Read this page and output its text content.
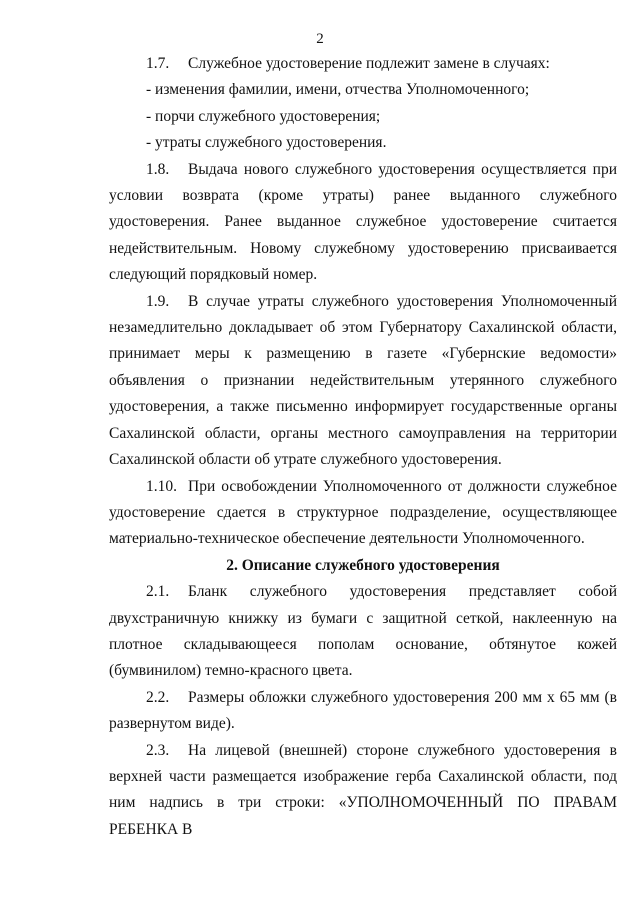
2

1.7. Служебное удостоверение подлежит замене в случаях:

- изменения фамилии, имени, отчества Уполномоченного;

- порчи служебного удостоверения;

- утраты служебного удостоверения.

1.8. Выдача нового служебного удостоверения осуществляется при условии возврата (кроме утраты) ранее выданного служебного удостоверения. Ранее выданное служебное удостоверение считается недействительным. Новому служебному удостоверению присваивается следующий порядковый номер.

1.9. В случае утраты служебного удостоверения Уполномоченный незамедлительно докладывает об этом Губернатору Сахалинской области, принимает меры к размещению в газете «Губернские ведомости» объявления о признании недействительным утерянного служебного удостоверения, а также письменно информирует государственные органы Сахалинской области, органы местного самоуправления на территории Сахалинской области об утрате служебного удостоверения.

1.10. При освобождении Уполномоченного от должности служебное удостоверение сдается в структурное подразделение, осуществляющее материально-техническое обеспечение деятельности Уполномоченного.

2. Описание служебного удостоверения

2.1. Бланк служебного удостоверения представляет собой двухстраничную книжку из бумаги с защитной сеткой, наклеенную на плотное складывающееся пополам основание, обтянутое кожей (бумвинилом) темно-красного цвета.

2.2. Размеры обложки служебного удостоверения 200 мм х 65 мм (в развернутом виде).

2.3. На лицевой (внешней) стороне служебного удостоверения в верхней части размещается изображение герба Сахалинской области, под ним надпись в три строки: «УПОЛНОМОЧЕННЫЙ ПО ПРАВАМ РЕБЕНКА В
